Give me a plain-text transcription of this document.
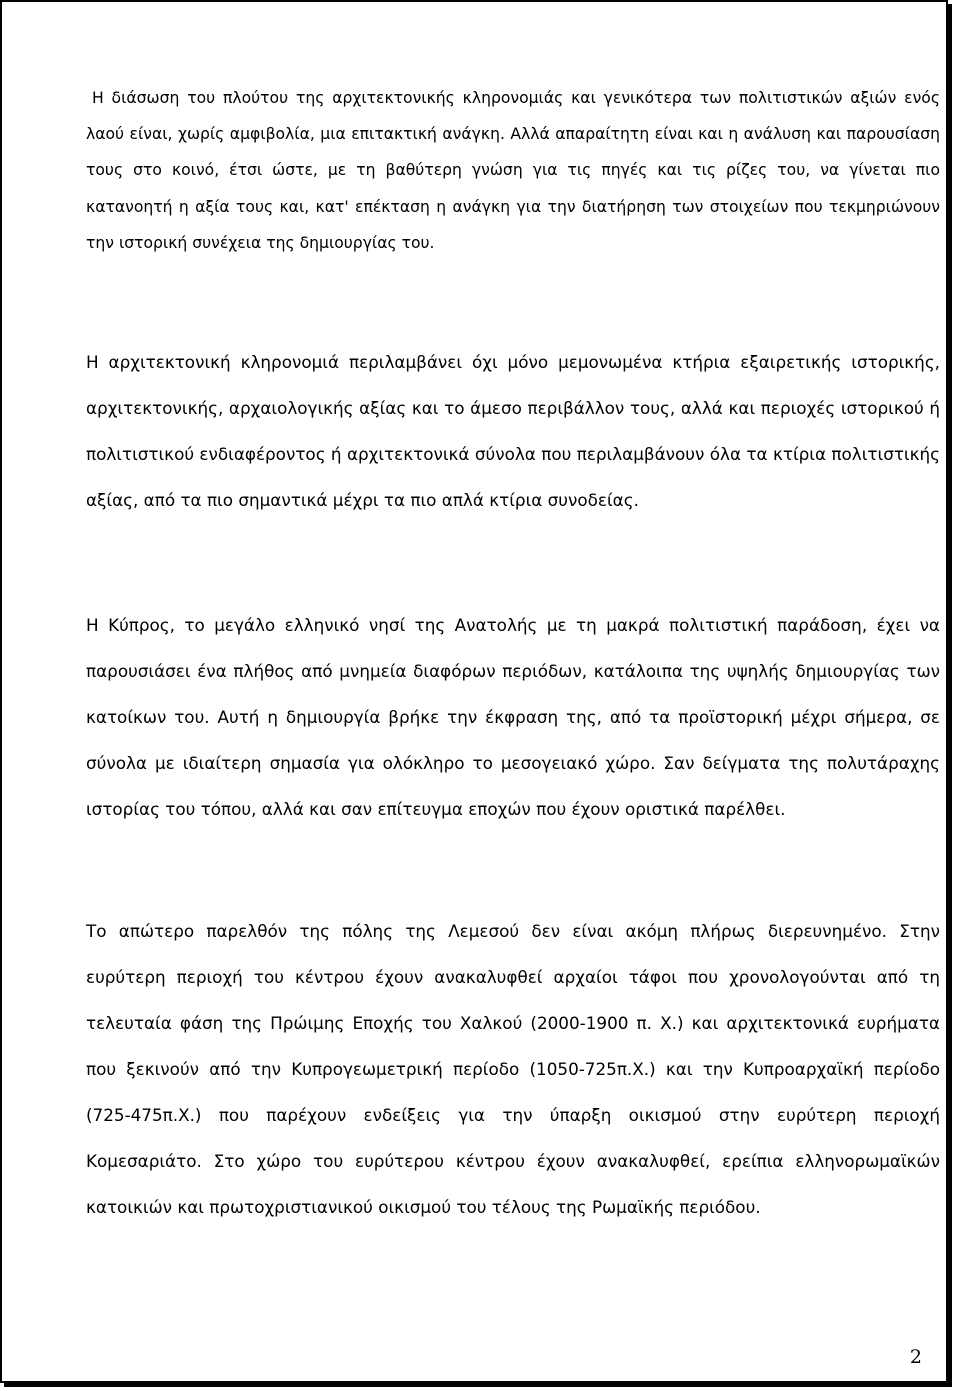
Η διάσωση του πλούτου της αρχιτεκτονικής κληρονομιάς και γενικότερα των πολιτιστικών αξιών ενός λαού είναι, χωρίς αμφιβολία, μια επιτακτική ανάγκη. Αλλά απαραίτητη είναι και η ανάλυση και παρουσίαση τους στο κοινό, έτσι ώστε, με τη βαθύτερη γνώση για τις πηγές και τις ρίζες του, να γίνεται πιο κατανοητή η αξία τους και, κατ' επέκταση η ανάγκη για την διατήρηση των στοιχείων που τεκμηριώνουν την ιστορική συνέχεια της δημιουργίας του.

Η αρχιτεκτονική κληρονομιά περιλαμβάνει όχι μόνο μεμονωμένα κτήρια εξαιρετικής ιστορικής, αρχιτεκτονικής, αρχαιολογικής αξίας και το άμεσο περιβάλλον τους, αλλά και περιοχές ιστορικού ή πολιτιστικού ενδιαφέροντος ή αρχιτεκτονικά σύνολα που περιλαμβάνουν όλα τα κτίρια πολιτιστικής αξίας, από τα πιο σημαντικά μέχρι τα πιο απλά κτίρια συνοδείας.

Η Κύπρος, το μεγάλο ελληνικό νησί της Ανατολής με τη μακρά πολιτιστική παράδοση, έχει να παρουσιάσει ένα πλήθος από μνημεία διαφόρων περιόδων, κατάλοιπα της υψηλής δημιουργίας των κατοίκων του. Αυτή η δημιουργία βρήκε την έκφραση της, από τα προϊστορική μέχρι σήμερα, σε σύνολα με ιδιαίτερη σημασία για ολόκληρο το μεσογειακό χώρο. Σαν δείγματα της πολυτάραχης ιστορίας του τόπου, αλλά και σαν επίτευγμα εποχών που έχουν οριστικά παρέλθει.

Το απώτερο παρελθόν της πόλης της Λεμεσού δεν είναι ακόμη πλήρως διερευνημένο. Στην ευρύτερη περιοχή του κέντρου έχουν ανακαλυφθεί αρχαίοι τάφοι που χρονολογούνται από τη τελευταία φάση της Πρώιμης Εποχής του Χαλκού (2000-1900 π. Χ.) και αρχιτεκτονικά ευρήματα που ξεκινούν από την Κυπρογεωμετρική περίοδο (1050-725π.Χ.) και την Κυπροαρχαϊκή περίοδο (725-475π.Χ.) που παρέχουν ενδείξεις για την ύπαρξη οικισμού στην ευρύτερη περιοχή Κομεσαριάτο. Στο χώρο του ευρύτερου κέντρου έχουν ανακαλυφθεί, ερείπια ελληνορωμαϊκών κατοικιών και πρωτοχριστιανικού οικισμού του τέλους της Ρωμαϊκής περιόδου.

2
